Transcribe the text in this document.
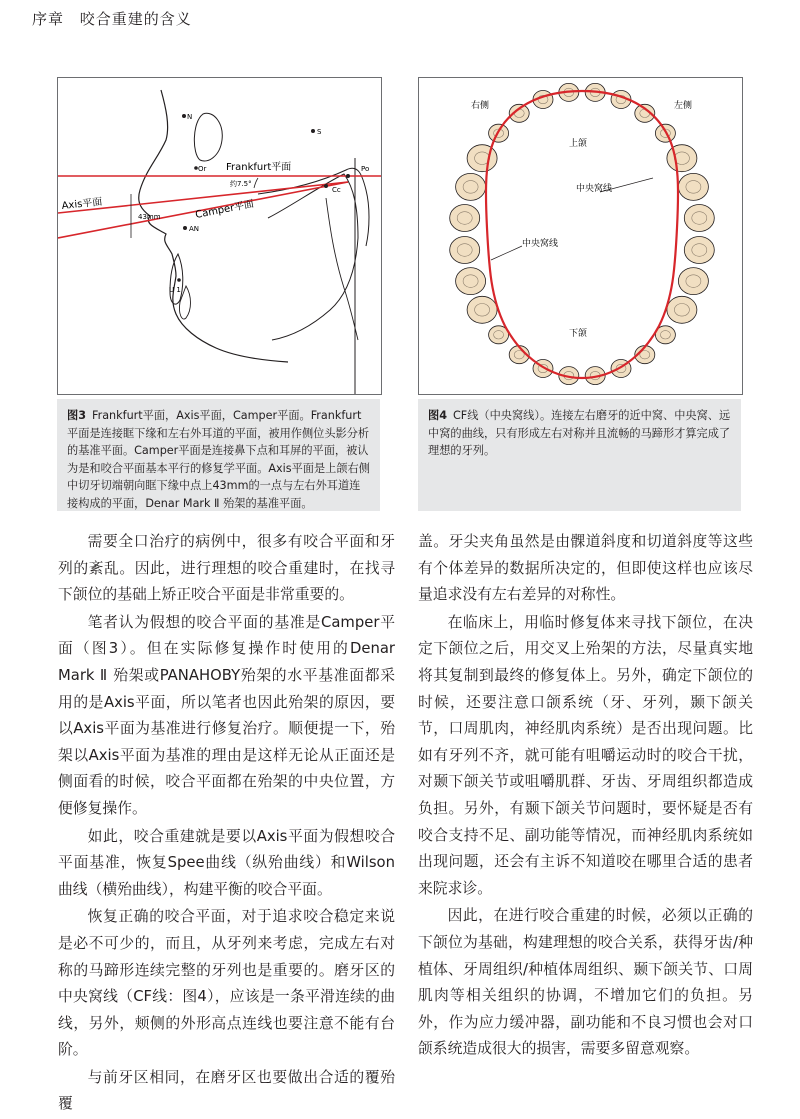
序章 咬合重建的含义
N
Or
S
Po
Cc
AN
U 1
Frankfurt平面
Axis平面	Camper平面
约7.5°
43mm
右侧	左侧
上颌
中央窝线
中央窝线
下颌
图3 Frankfurt平面，Axis平面，Camper平面。Frankfurt平面是连接眶下缘和左右外耳道的平面，被用作侧位头影分析的基准平面。Camper平面是连接鼻下点和耳屏的平面，被认为是和咬合平面基本平行的修复学平面。Axis平面是上颌右侧中切牙切端朝向眶下缘中点上43mm的一点与左右外耳道连接构成的平面，Denar Mark Ⅱ 殆架的基准平面。
图4 CF线（中央窝线）。连接左右磨牙的近中窝、中央窝、远中窝的曲线，只有形成左右对称并且流畅的马蹄形才算完成了理想的牙列。

需要全口治疗的病例中，很多有咬合平面和牙列的紊乱。因此，进行理想的咬合重建时，在找寻下颌位的基础上矫正咬合平面是非常重要的。

笔者认为假想的咬合平面的基准是Camper平面（图3）。但在实际修复操作时使用的Denar Mark Ⅱ 殆架或PANAHOBY殆架的水平基准面都采用的是Axis平面，所以笔者也因此殆架的原因，要以Axis平面为基准进行修复治疗。顺便提一下，殆架以Axis平面为基准的理由是这样无论从正面还是侧面看的时候，咬合平面都在殆架的中央位置，方便修复操作。

如此，咬合重建就是要以Axis平面为假想咬合平面基准，恢复Spee曲线（纵殆曲线）和Wilson曲线（横殆曲线），构建平衡的咬合平面。

恢复正确的咬合平面，对于追求咬合稳定来说是必不可少的，而且，从牙列来考虑，完成左右对称的马蹄形连续完整的牙列也是重要的。磨牙区的中央窝线（CF线：图4），应该是一条平滑连续的曲线，另外，颊侧的外形高点连线也要注意不能有台阶。

与前牙区相同，在磨牙区也要做出合适的覆殆覆

盖。牙尖夹角虽然是由髁道斜度和切道斜度等这些有个体差异的数据所决定的，但即使这样也应该尽量追求没有左右差异的对称性。

在临床上，用临时修复体来寻找下颌位，在决定下颌位之后，用交叉上殆架的方法，尽量真实地将其复制到最终的修复体上。另外，确定下颌位的时候，还要注意口颌系统（牙、牙列，颞下颌关节，口周肌肉，神经肌肉系统）是否出现问题。比如有牙列不齐，就可能有咀嚼运动时的咬合干扰，对颞下颌关节或咀嚼肌群、牙齿、牙周组织都造成负担。另外，有颞下颌关节问题时，要怀疑是否有咬合支持不足、副功能等情况，而神经肌肉系统如出现问题，还会有主诉不知道咬在哪里合适的患者来院求诊。

因此，在进行咬合重建的时候，必须以正确的下颌位为基础，构建理想的咬合关系，获得牙齿/种植体、牙周组织/种植体周组织、颞下颌关节、口周肌肉等相关组织的协调，不增加它们的负担。另外，作为应力缓冲器，副功能和不良习惯也会对口颌系统造成很大的损害，需要多留意观察。
